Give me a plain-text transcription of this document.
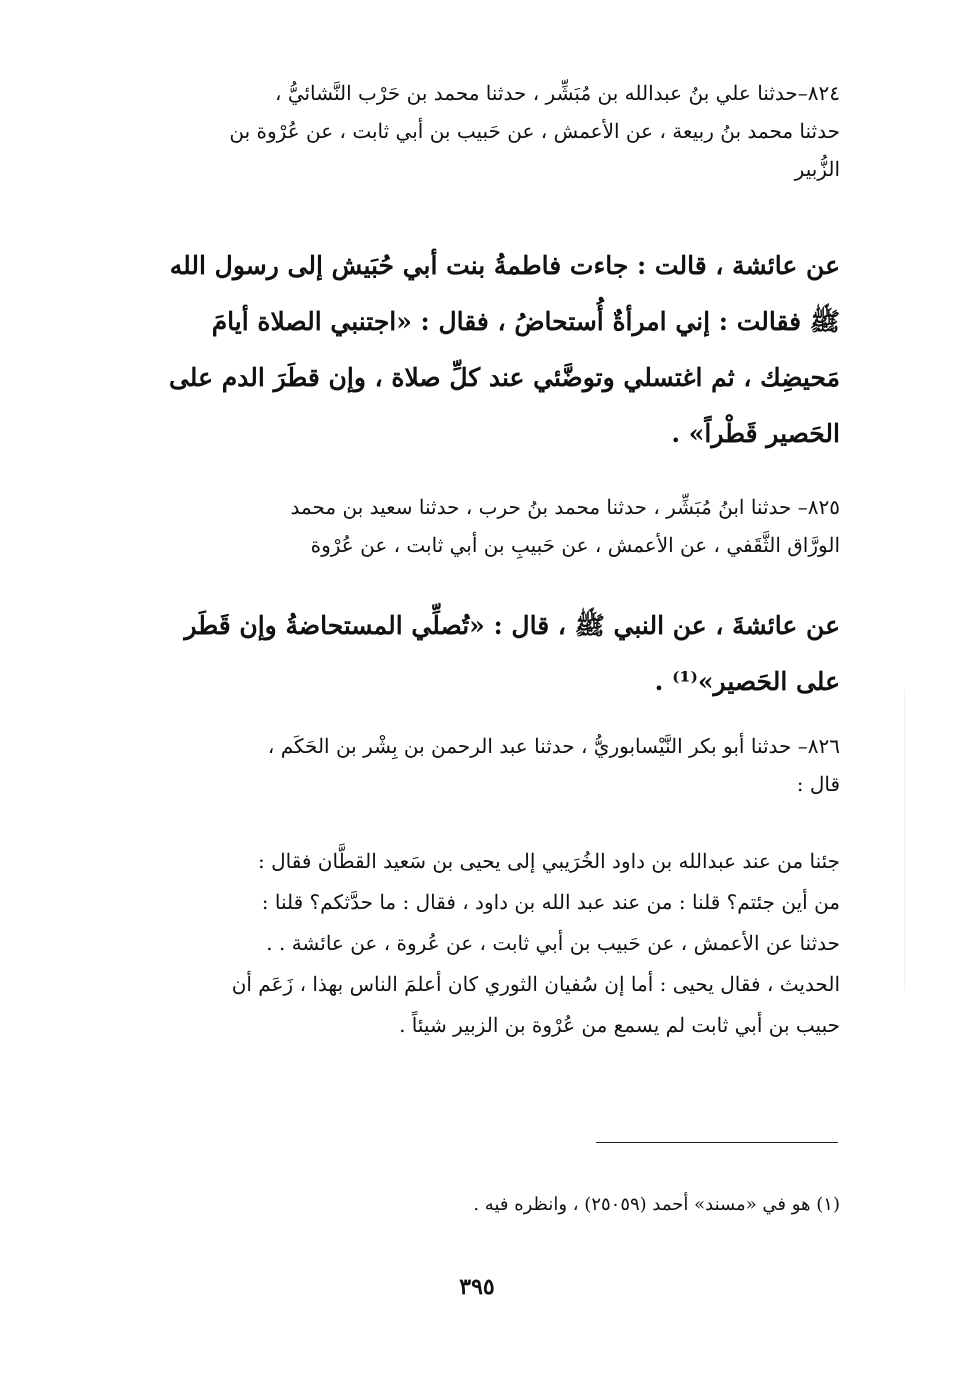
٨٢٤–حدثنا علي بنُ عبدالله بن مُبَشِّر ، حدثنا محمد بن حَرْب النَّشائيُّ ،
حدثنا محمد بنُ ربيعة ، عن الأعمش ، عن حَبيب بن أبي ثابت ، عن عُرْوة بن
الزُّبير
عن عائشة ، قالت : جاءت فاطمةُ بنت أبي حُبَيش إلى رسول الله
ﷺ فقالت : إني امرأةٌ أُستحاضُ ، فقال : «اجتنبي الصلاة أيامَ
مَحيضِك ، ثم اغتسلي وتوضَّئي عند كلِّ صلاة ، وإن قطَرَ الدم على
الحَصير قَطْراً» .
٨٢٥– حدثنا ابنُ مُبَشِّر ، حدثنا محمد بنُ حرب ، حدثنا سعيد بن محمد
الورَّاق الثَّقَفي ، عن الأعمش ، عن حَبيبِ بن أبي ثابت ، عن عُرْوة
عن عائشةَ ، عن النبي ﷺ ، قال : «تُصلِّي المستحاضةُ وإن قَطَر
على الحَصير»⁽¹⁾ .
٨٢٦– حدثنا أبو بكر النَّيْسابوريُّ ، حدثنا عبد الرحمن بن بِشْر بن الحَكَم ،
قال :
جئنا من عند عبدالله بن داود الخُرَيبي إلى يحيى بن سَعيد القطَّان فقال :
من أين جئتم؟ قلنا : من عند عبد الله بن داود ، فقال : ما حدَّثكم؟ قلنا :
حدثنا عن الأعمش ، عن حَبيب بن أبي ثابت ، عن عُروة ، عن عائشة . .
الحديث ، فقال يحيى : أما إن سُفيان الثوري كان أعلمَ الناس بهذا ، زَعَم أن
حبيب بن أبي ثابت لم يسمع من عُرْوة بن الزبير شيئاً .
(١) هو في «مسند» أحمد (٢٥٠٥٩) ، وانظره فيه .
٣٩٥
